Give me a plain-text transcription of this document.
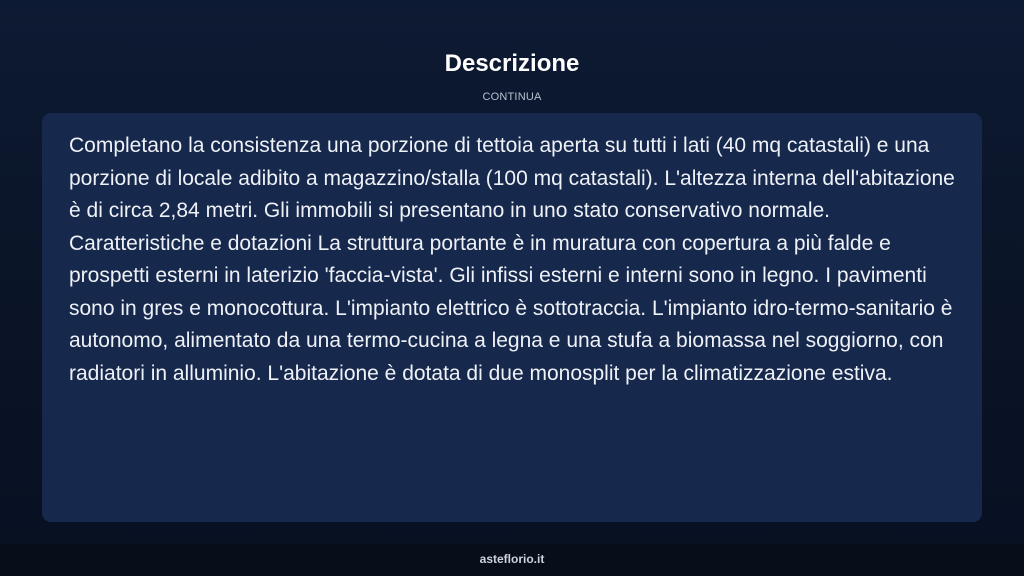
Descrizione
CONTINUA

Completano la consistenza una porzione di tettoia aperta su tutti i lati (40 mq catastali) e una porzione di locale adibito a magazzino/stalla (100 mq catastali). L'altezza interna dell'abitazione è di circa 2,84 metri. Gli immobili si presentano in uno stato conservativo normale. Caratteristiche e dotazioni La struttura portante è in muratura con copertura a più falde e prospetti esterni in laterizio 'faccia-vista'. Gli infissi esterni e interni sono in legno. I pavimenti sono in gres e monocottura. L'impianto elettrico è sottotraccia. L'impianto idro-termo-sanitario è autonomo, alimentato da una termo-cucina a legna e una stufa a biomassa nel soggiorno, con radiatori in alluminio. L'abitazione è dotata di due monosplit per la climatizzazione estiva.

asteflorio.it
